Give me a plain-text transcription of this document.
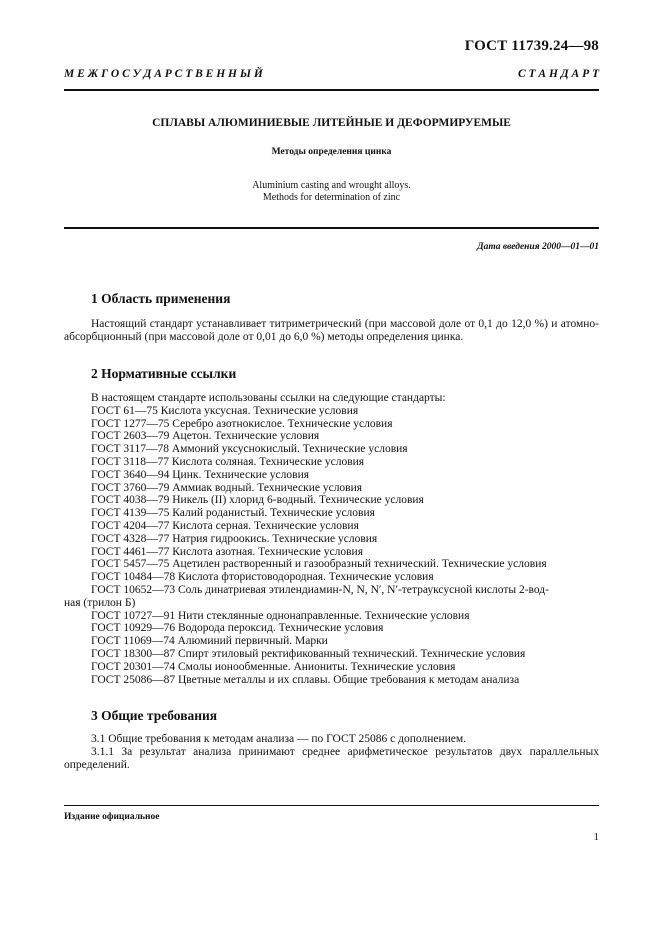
ГОСТ 11739.24—98
М Е Ж Г О С У Д А Р С Т В Е Н Н Ы Й	С Т А Н Д А Р Т
СПЛАВЫ АЛЮМИНИЕВЫЕ ЛИТЕЙНЫЕ И ДЕФОРМИРУЕМЫЕ
Методы определения цинка
Aluminium casting and wrought alloys.
Methods for determination of zinc
Дата введения 2000—01—01
1 Область применения

Настоящий стандарт устанавливает титриметрический (при массовой доле от 0,1 до 12,0 %) и атомно-абсорбционный (при массовой доле от 0,01 до 6,0 %) методы определения цинка.

2 Нормативные ссылки
В настоящем стандарте использованы ссылки на следующие стандарты:
ГОСТ 61—75 Кислота уксусная. Технические условия
ГОСТ 1277—75 Серебро азотнокислое. Технические условия
ГОСТ 2603—79 Ацетон. Технические условия
ГОСТ 3117—78 Аммоний уксуснокислый. Технические условия
ГОСТ 3118—77 Кислота соляная. Технические условия
ГОСТ 3640—94 Цинк. Технические условия
ГОСТ 3760—79 Аммиак водный. Технические условия
ГОСТ 4038—79 Никель (II) хлорид 6-водный. Технические условия
ГОСТ 4139—75 Калий роданистый. Технические условия
ГОСТ 4204—77 Кислота серная. Технические условия
ГОСТ 4328—77 Натрия гидроокись. Технические условия
ГОСТ 4461—77 Кислота азотная. Технические условия
ГОСТ 5457—75 Ацетилен растворенный и газообразный технический. Технические условия
ГОСТ 10484—78 Кислота фтористоводородная. Технические условия
ГОСТ 10652—73 Соль динатриевая этилендиамин-N, N, N′, N′-тетрауксусной кислоты 2-вод-
ная (трилон Б)
ГОСТ 10727—91 Нити стеклянные однонаправленные. Технические условия
ГОСТ 10929—76 Водорода пероксид. Технические условия
ГОСТ 11069—74 Алюминий первичный. Марки
ГОСТ 18300—87 Спирт этиловый ректификованный технический. Технические условия
ГОСТ 20301—74 Смолы ионообменные. Аниониты. Технические условия
ГОСТ 25086—87 Цветные металлы и их сплавы. Общие требования к методам анализа
3 Общие требования

3.1 Общие требования к методам анализа — по ГОСТ 25086 с дополнением.

3.1.1 За результат анализа принимают среднее арифметическое результатов двух параллельных определений.

Издание официальное
1
